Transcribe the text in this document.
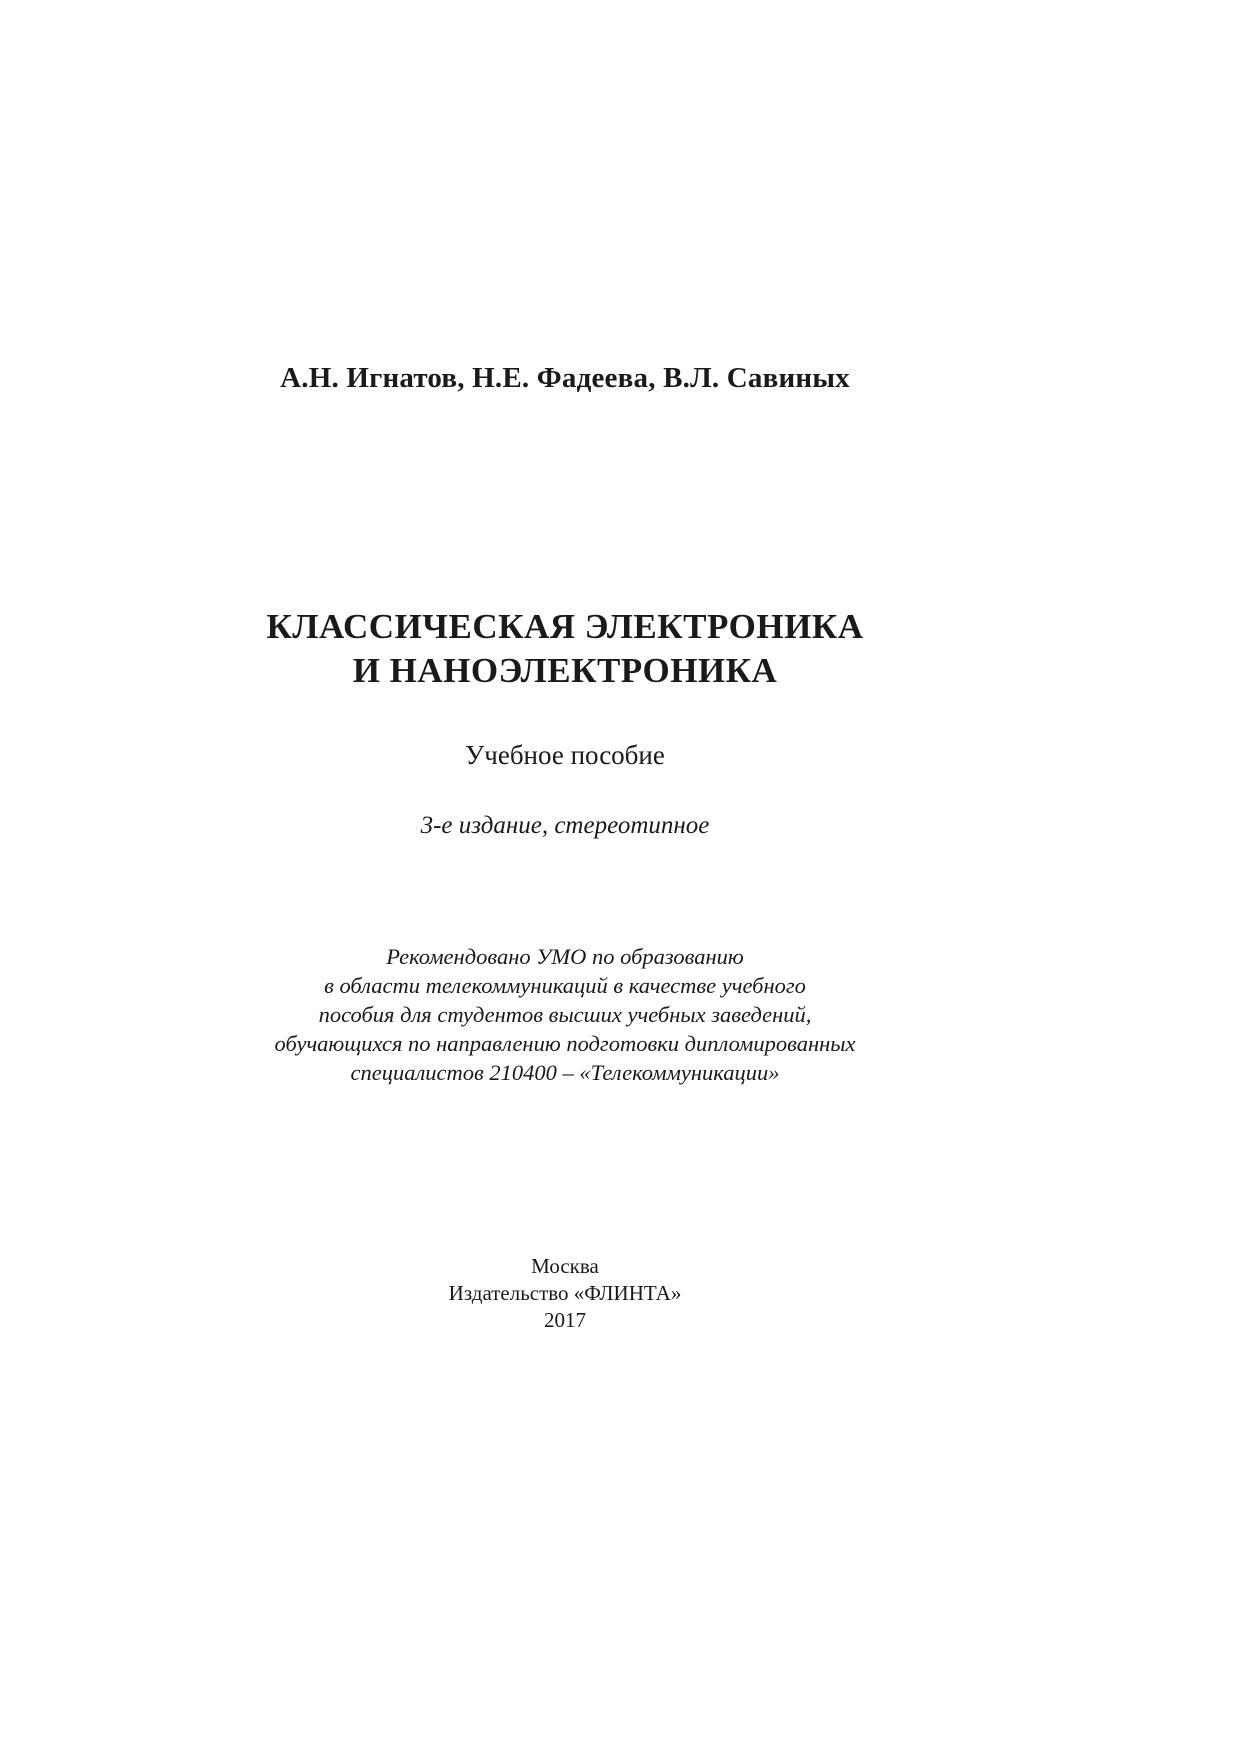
А.Н. Игнатов, Н.Е. Фадеева, В.Л. Савиных
КЛАССИЧЕСКАЯ ЭЛЕКТРОНИКА
И НАНОЭЛЕКТРОНИКА
Учебное пособие
3-е издание, стереотипное
Рекомендовано УМО по образованию
в области телекоммуникаций в качестве учебного
пособия для студентов высших учебных заведений,
обучающихся по направлению подготовки дипломированных
специалистов 210400 – «Телекоммуникации»
Москва
Издательство «ФЛИНТА»
2017
